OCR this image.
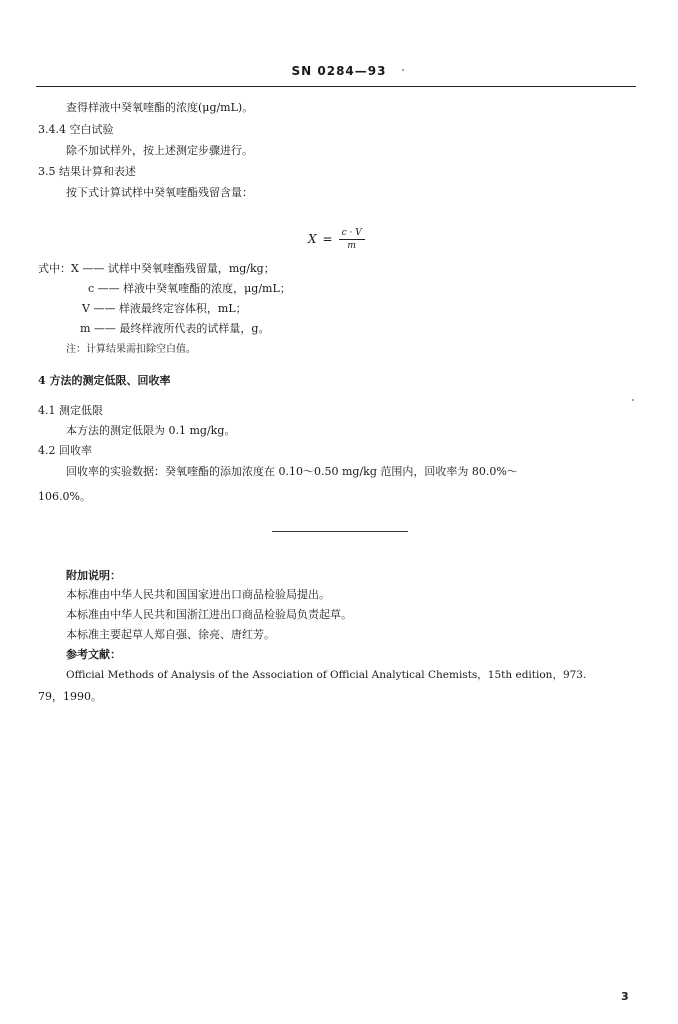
SN 0284—93
查得样液中癸氧喹酯的浓度(μg/mL)。
3.4.4 空白试验
除不加试样外，按上述测定步骤进行。
3.5 结果计算和表述
按下式计算试样中癸氧喹酯残留含量：
$X = \frac{c \cdot V}{m}$
式中：X —— 试样中癸氧喹酯残留量，mg/kg；
c —— 样液中癸氧喹酯的浓度，μg/mL；
V —— 样液最终定容体积，mL；
m —— 最终样液所代表的试样量，g。
注：计算结果需扣除空白值。
4 方法的测定低限、回收率
4.1 测定低限
本方法的测定低限为 0.1 mg/kg。
4.2 回收率
回收率的实验数据：癸氧喹酯的添加浓度在 0.10～0.50 mg/kg 范围内，回收率为 80.0%～
106.0%。
附加说明：
本标准由中华人民共和国国家进出口商品检验局提出。
本标准由中华人民共和国浙江进出口商品检验局负责起草。
本标准主要起草人郑自强、徐亮、唐红芳。
参考文献：
Official Methods of Analysis of the Association of Official Analytical Chemists，15th edition，973.
79，1990。
3
